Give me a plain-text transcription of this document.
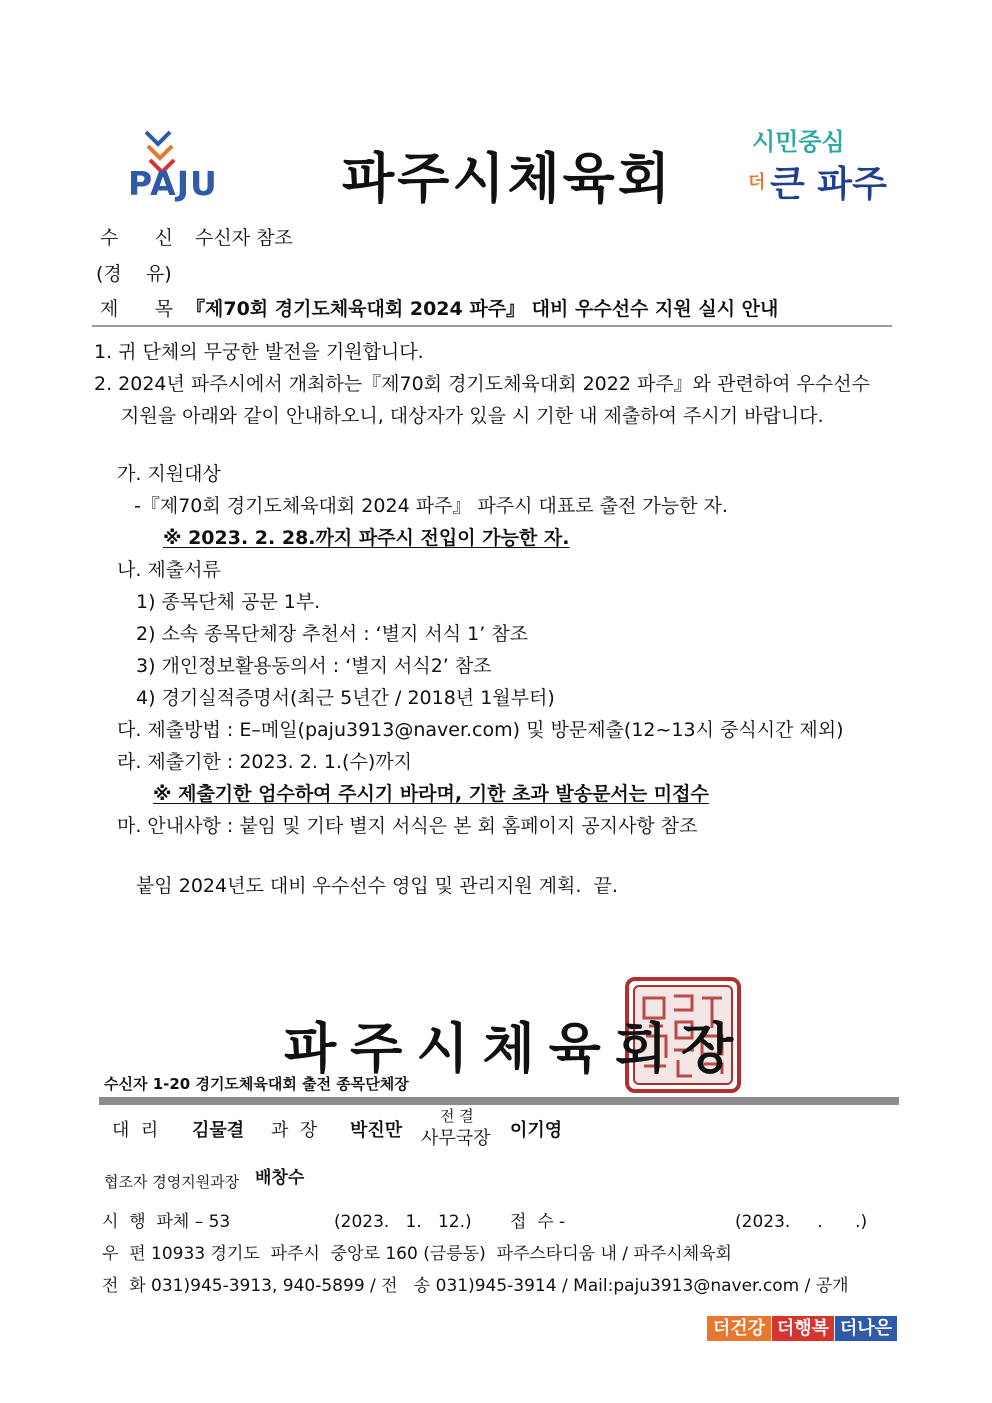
PAJU 파주시체육회
시민중심
더 큰 파주
수      신 수신자 참조
(경    유)
제      목 『제70회 경기도체육대회 2024 파주』 대비 우수선수 지원 실시 안내
1. 귀 단체의 무궁한 발전을 기원합니다.
2. 2024년 파주시에서 개최하는『제70회 경기도체육대회 2022 파주』와 관련하여 우수선수
지원을 아래와 같이 안내하오니, 대상자가 있을 시 기한 내 제출하여 주시기 바랍니다.
가. 지원대상
-『제70회 경기도체육대회 2024 파주』 파주시 대표로 출전 가능한 자.
※ 2023. 2. 28.까지 파주시 전입이 가능한 자.
나. 제출서류
1) 종목단체 공문 1부.
2) 소속 종목단체장 추천서 : ‘별지 서식 1’ 참조
3) 개인정보활용동의서 : ‘별지 서식2’ 참조
4) 경기실적증명서(최근 5년간 / 2018년 1월부터)
다. 제출방법 : E–메일(paju3913@naver.com) 및 방문제출(12~13시 중식시간 제외)
라. 제출기한 : 2023. 2. 1.(수)까지
※ 제출기한 엄수하여 주시기 바라며, 기한 초과 발송문서는 미접수
마. 안내사항 : 붙임 및 기타 별지 서식은 본 회 홈페이지 공지사항 참조
붙임 2024년도 대비 우수선수 영입 및 관리지원 계획.  끝.
파주시체육회장
수신자 1-20 경기도체육대회 출전 종목단체장
대  리 김물결 과  장 박진만
전 결
사무국장 이기영
협조자 경영지원과장 배창수
시  행  파체 – 53	(2023.   1.   12.) 접  수 -	(2023.     .      .)
우  편 10933 경기도  파주시  중앙로 160 (금릉동)  파주스타디움 내 / 파주시체육회
전  화 031)945-3913, 940-5899 / 전   송 031)945-3914 / Mail:paju3913@naver.com / 공개
더건강 더행복 더나은
